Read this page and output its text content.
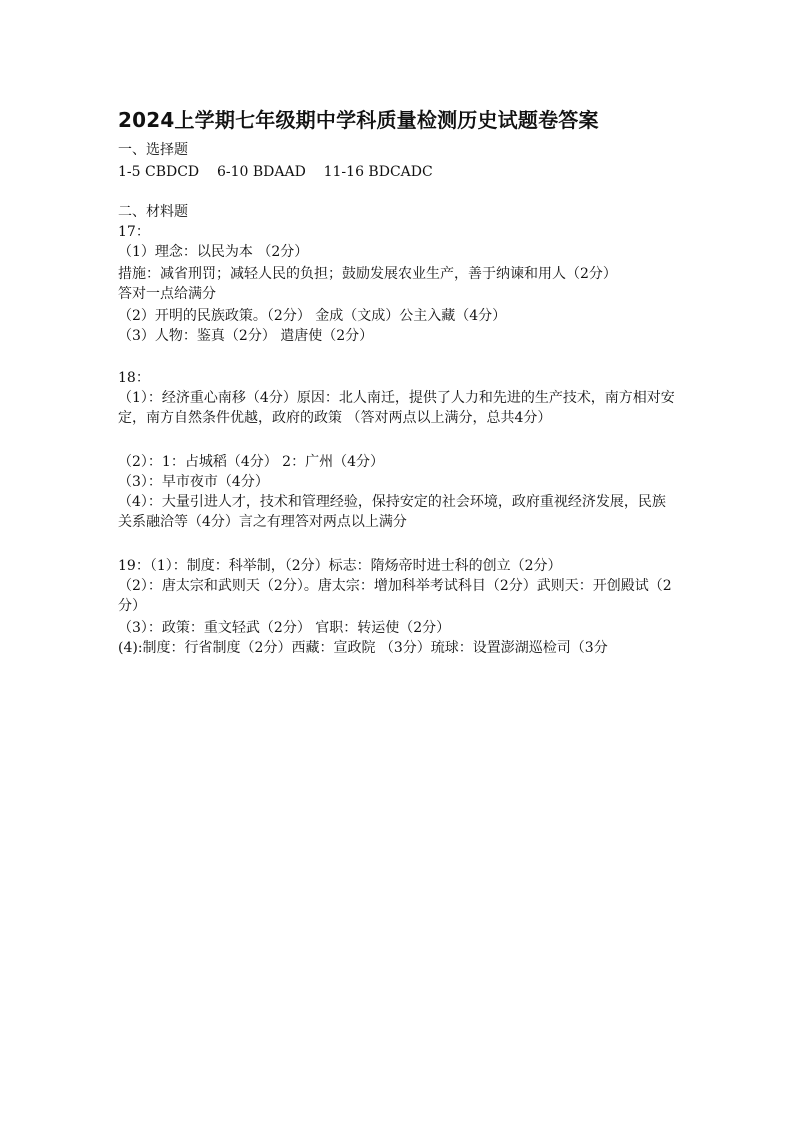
2024上学期七年级期中学科质量检测历史试题卷答案
一、选择题
1-5 CBDCD    6-10 BDAAD    11-16 BDCADC
二、材料题
17：
（1）理念：以民为本 （2分）
措施：减省刑罚；减轻人民的负担；鼓励发展农业生产，善于纳谏和用人（2分）
答对一点给满分
（2）开明的民族政策。（2分） 金成（文成）公主入藏（4分）
（3）人物：鉴真（2分） 遣唐使（2分）
18：
（1）：经济重心南移（4分）原因：北人南迁，提供了人力和先进的生产技术，南方相对安定，南方自然条件优越，政府的政策 （答对两点以上满分，总共4分）
（2）：1：占城稻（4分） 2：广州（4分）
（3）：早市夜市（4分）
（4）：大量引进人才，技术和管理经验，保持安定的社会环境，政府重视经济发展，民族关系融洽等（4分）言之有理答对两点以上满分
19：（1）：制度：科举制，（2分）标志：隋炀帝时进士科的创立（2分）
（2）：唐太宗和武则天（2分）。唐太宗：增加科举考试科目（2分）武则天：开创殿试（2分）
（3）：政策：重文轻武（2分） 官职：转运使（2分）
(4):制度：行省制度（2分）西藏：宣政院 （3分）琉球：设置澎湖巡检司（3分
